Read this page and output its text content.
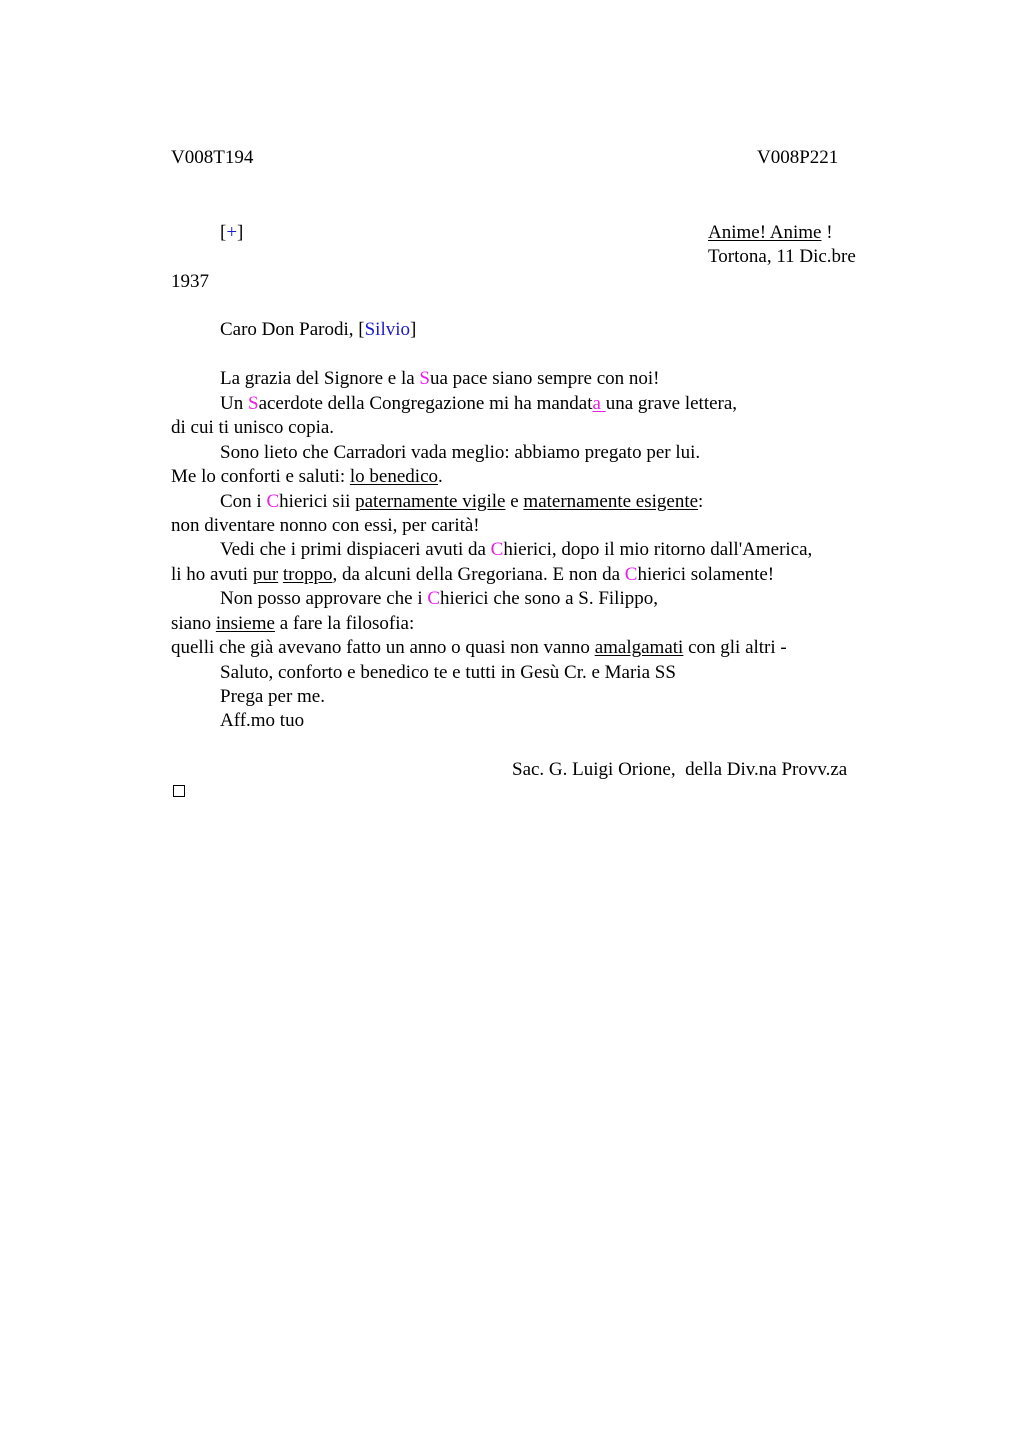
V008T194	V008P221

[+]	Anime! Anime !

Tortona, 11 Dic.bre

1937

Caro Don Parodi, [Silvio]

La grazia del Signore e la Sua pace siano sempre con noi!

Un Sacerdote della Congregazione mi ha mandata una grave lettera,

di cui ti unisco copia.

Sono lieto che Carradori vada meglio: abbiamo pregato per lui.

Me lo conforti e saluti: lo benedico.

Con i Chierici sii paternamente vigile e maternamente esigente:

non diventare nonno con essi, per carità!

Vedi che i primi dispiaceri avuti da Chierici, dopo il mio ritorno dall'America,

li ho avuti pur troppo, da alcuni della Gregoriana. E non da Chierici solamente!

Non posso approvare che i Chierici che sono a S. Filippo,

siano insieme a fare la filosofia:

quelli che già avevano fatto un anno o quasi non vanno amalgamati con gli altri -

Saluto, conforto e benedico te e tutti in Gesù Cr. e Maria SS

Prega per me.

Aff.mo tuo

Sac. G. Luigi Orione,  della Div.na Provv.za
